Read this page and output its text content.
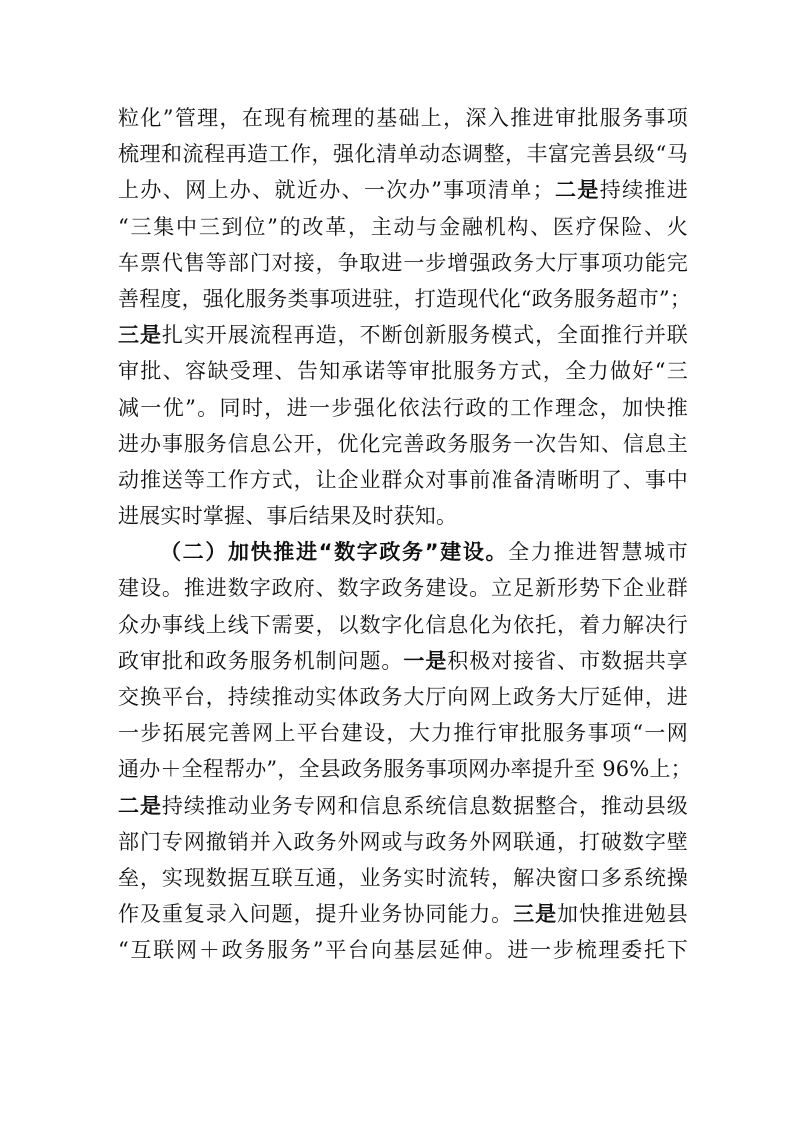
粒化”管理，在现有梳理的基础上，深入推进审批服务事项
梳理和流程再造工作，强化清单动态调整，丰富完善县级“马
上办、网上办、就近办、一次办”事项清单；二是持续推进
“三集中三到位”的改革，主动与金融机构、医疗保险、火
车票代售等部门对接，争取进一步增强政务大厅事项功能完
善程度，强化服务类事项进驻，打造现代化“政务服务超市”；
三是扎实开展流程再造，不断创新服务模式，全面推行并联
审批、容缺受理、告知承诺等审批服务方式，全力做好“三
减一优”。同时，进一步强化依法行政的工作理念，加快推
进办事服务信息公开，优化完善政务服务一次告知、信息主
动推送等工作方式，让企业群众对事前准备清晰明了、事中
进展实时掌握、事后结果及时获知。
（二）加快推进“数字政务”建设。全力推进智慧城市
建设。推进数字政府、数字政务建设。立足新形势下企业群
众办事线上线下需要，以数字化信息化为依托，着力解决行
政审批和政务服务机制问题。一是积极对接省、市数据共享
交换平台，持续推动实体政务大厅向网上政务大厅延伸，进
一步拓展完善网上平台建设，大力推行审批服务事项“一网
通办＋全程帮办”，全县政务服务事项网办率提升至 96%上；
二是持续推动业务专网和信息系统信息数据整合，推动县级
部门专网撤销并入政务外网或与政务外网联通，打破数字壁
垒，实现数据互联互通，业务实时流转，解决窗口多系统操
作及重复录入问题，提升业务协同能力。三是加快推进勉县
“互联网＋政务服务”平台向基层延伸。进一步梳理委托下
